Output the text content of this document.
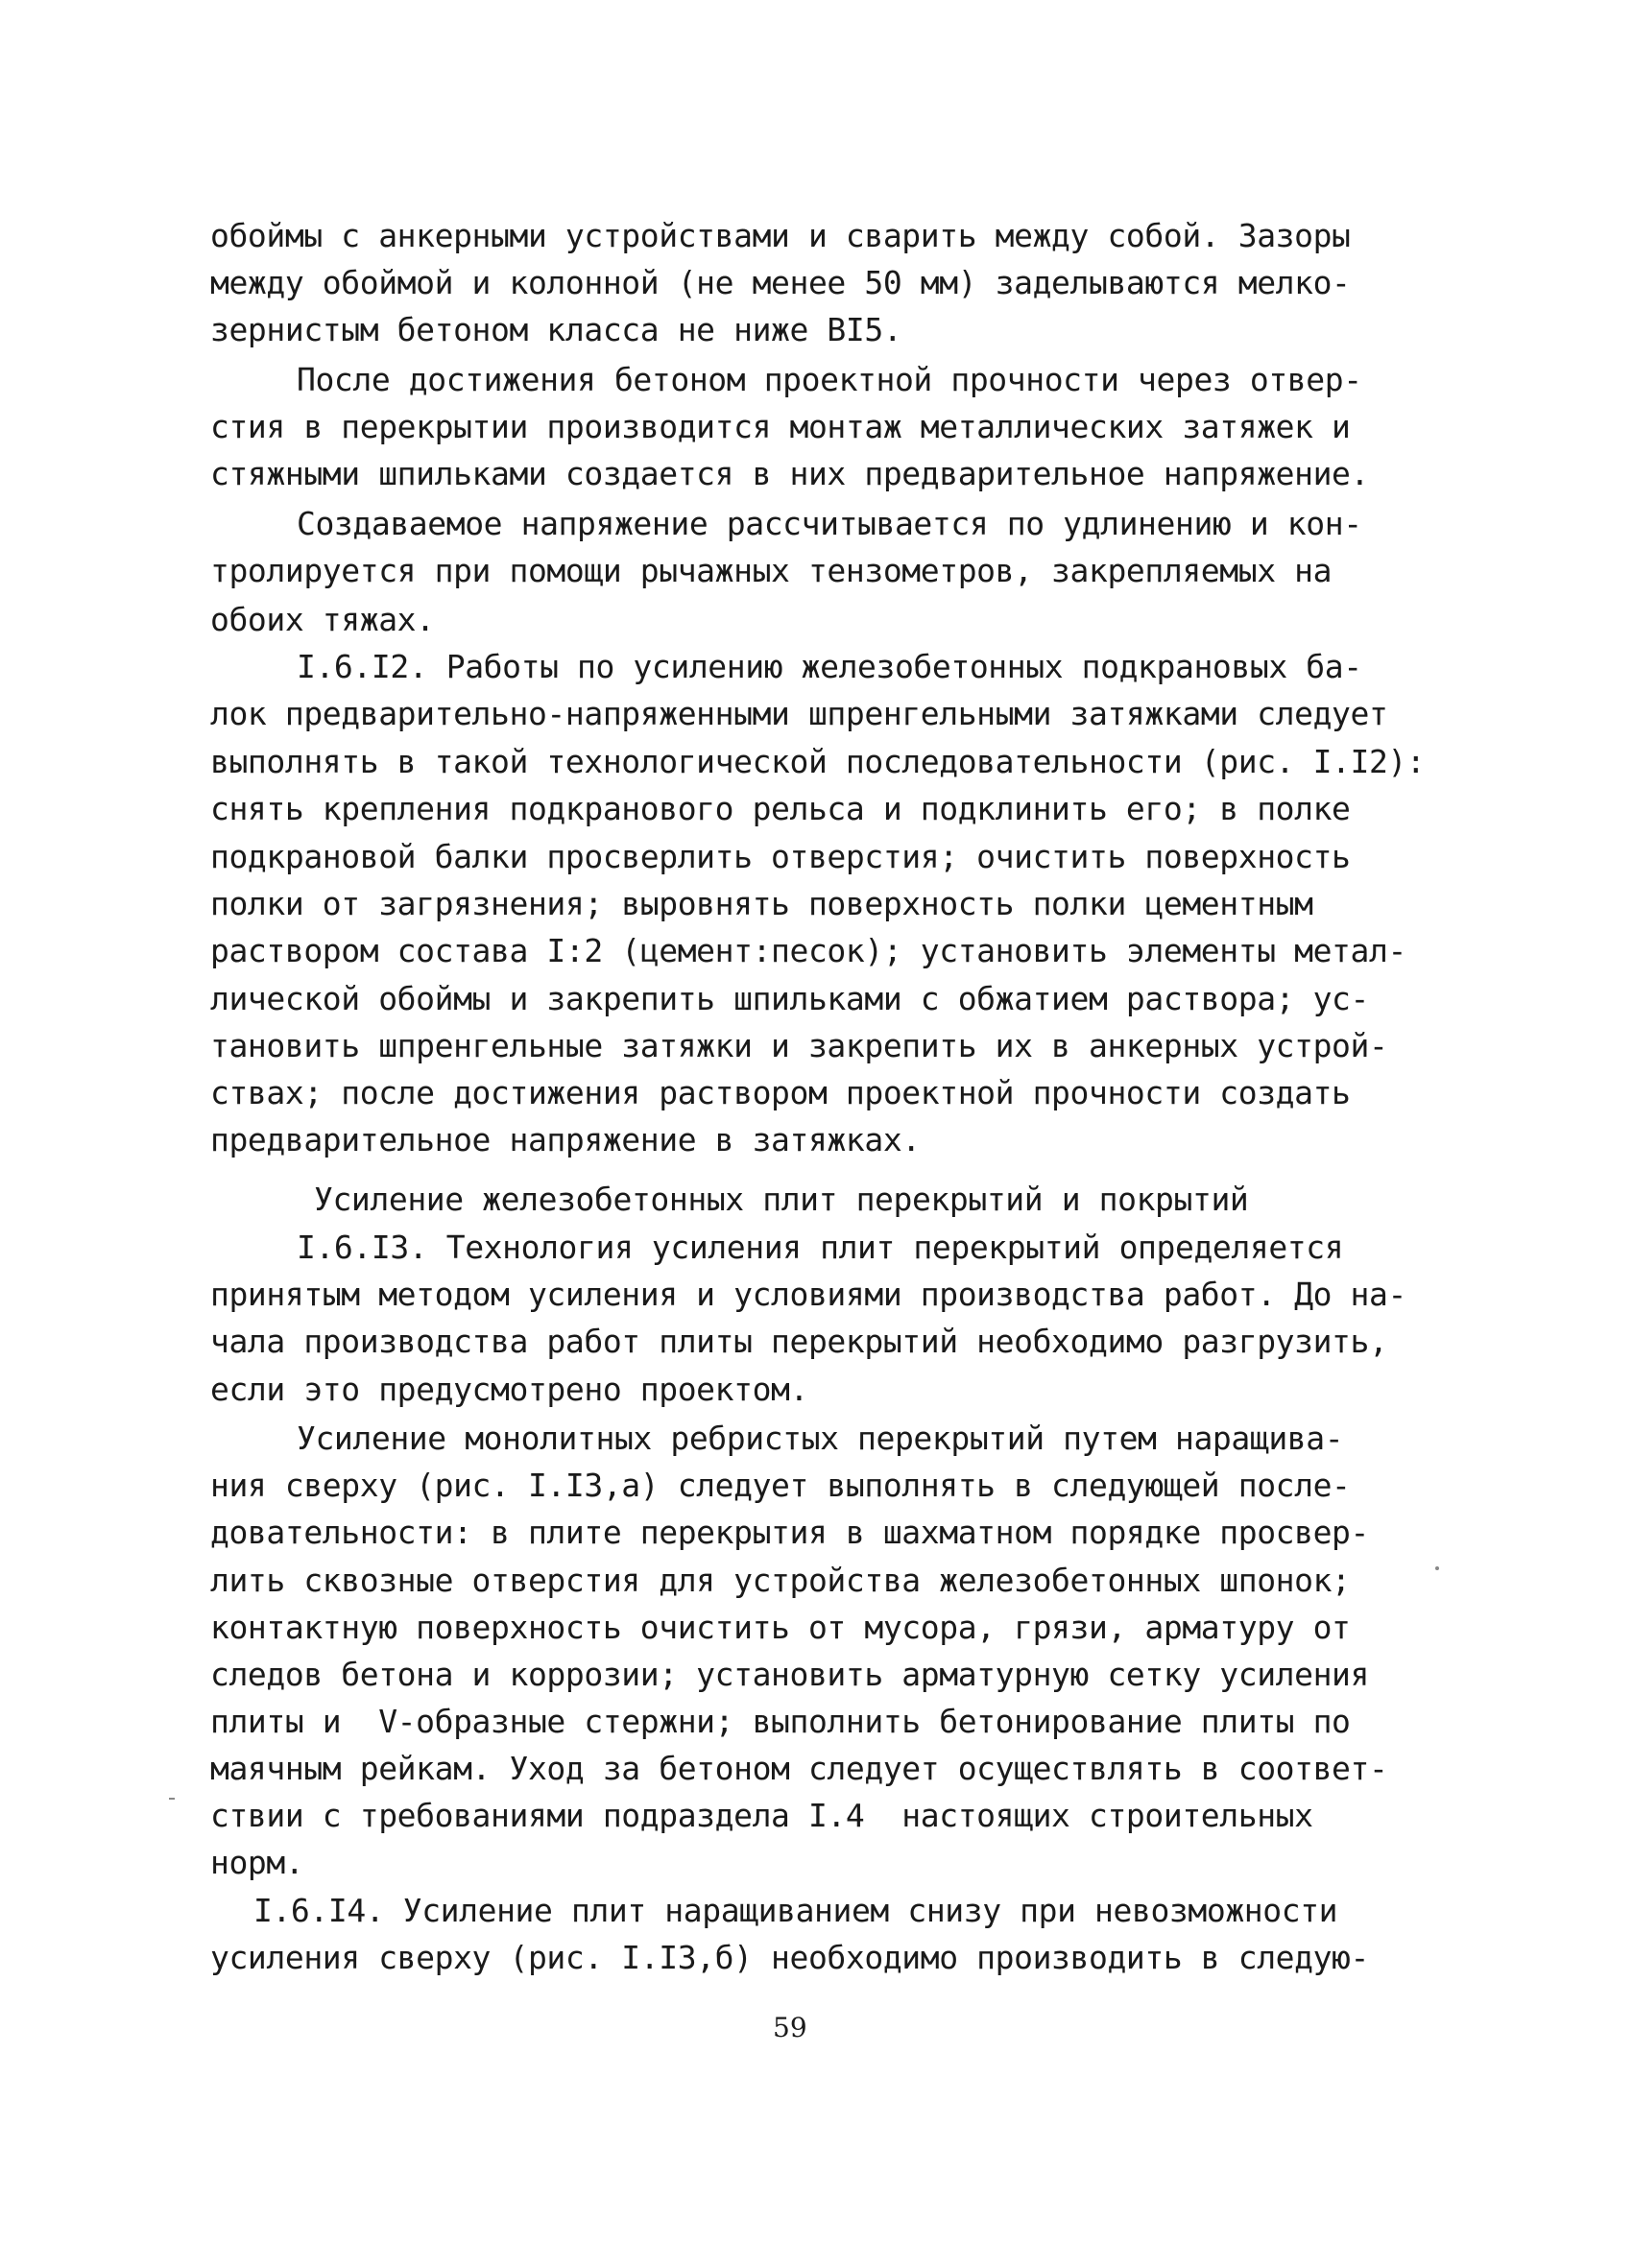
обоймы с анкерными устройствами и сварить между собой. Зазоры
между обоймой и колонной (не менее 50 мм) заделываются мелко-
зернистым бетоном класса не ниже BI5.
После достижения бетоном проектной прочности через отвер-
стия в перекрытии производится монтаж металлических затяжек и
стяжными шпильками создается в них предварительное напряжение.
Создаваемое напряжение рассчитывается по удлинению и кон-
тролируется при помощи рычажных тензометров, закрепляемых на
обоих тяжах.
I.6.I2. Работы по усилению железобетонных подкрановых ба-
лок предварительно-напряженными шпренгельными затяжками следует
выполнять в такой технологической последовательности (рис. I.I2):
снять крепления подкранового рельса и подклинить его; в полке
подкрановой балки просверлить отверстия; очистить поверхность
полки от загрязнения; выровнять поверхность полки цементным
раствором состава I:2 (цемент:песок); установить элементы метал-
лической обоймы и закрепить шпильками с обжатием раствора; ус-
тановить шпренгельные затяжки и закрепить их в анкерных устрой-
ствах; после достижения раствором проектной прочности создать
предварительное напряжение в затяжках.
Усиление железобетонных плит перекрытий и покрытий
I.6.I3. Технология усиления плит перекрытий определяется
принятым методом усиления и условиями производства работ. До на-
чала производства работ плиты перекрытий необходимо разгрузить,
если это предусмотрено проектом.
Усиление монолитных ребристых перекрытий путем наращива-
ния сверху (рис. I.I3,а) следует выполнять в следующей после-
довательности: в плите перекрытия в шахматном порядке просвер-
лить сквозные отверстия для устройства железобетонных шпонок;
контактную поверхность очистить от мусора, грязи, арматуру от
следов бетона и коррозии; установить арматурную сетку усиления
плиты и  V-образные стержни; выполнить бетонирование плиты по
маячным рейкам. Уход за бетоном следует осуществлять в соответ-
ствии с требованиями подраздела I.4  настоящих строительных
норм.
I.6.I4. Усиление плит наращиванием снизу при невозможности
усиления сверху (рис. I.I3,б) необходимо производить в следую-
59
